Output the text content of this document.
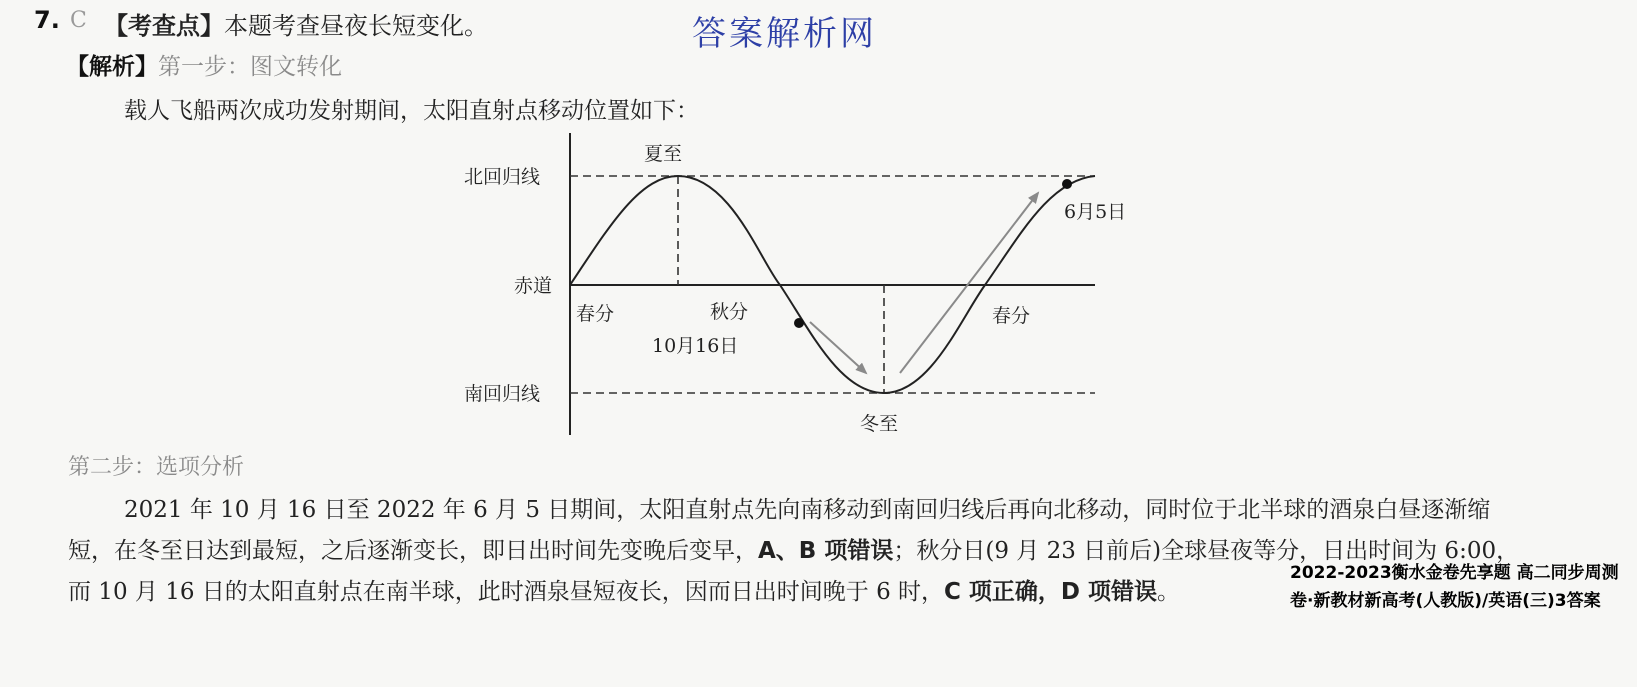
7. C 【考查点】本题考查昼夜长短变化。	答案解析网
【解析】第一步：图文转化
载人飞船两次成功发射期间，太阳直射点移动位置如下：
北回归线
赤道
南回归线
夏至
冬至
春分	秋分	春分
10月16日
6月5日
第二步：选项分析
2021 年 10 月 16 日至 2022 年 6 月 5 日期间，太阳直射点先向南移动到南回归线后再向北移动，同时位于北半球的酒泉白昼逐渐缩短，在冬至日达到最短，之后逐渐变长，即日出时间先变晚后变早，A、B 项错误；秋分日(9 月 23 日前后)全球昼夜等分，日出时间为 6:00，而 10 月 16 日的太阳直射点在南半球，此时酒泉昼短夜长，因而日出时间晚于 6 时，C 项正确，D 项错误。
2022-2023衡水金卷先享题 高二同步周测卷·新教材新高考(人教版)/英语(三)3答案
